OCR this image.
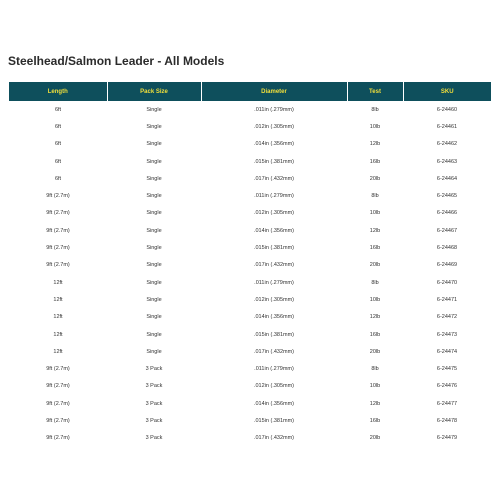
Steelhead/Salmon Leader - All Models
Length	Pack Size	Diameter	Test	SKU
6ft	Single	.011in (.279mm)	8lb	6-24460
6ft	Single	.012in (.305mm)	10lb	6-24461
6ft	Single	.014in (.356mm)	12lb	6-24462
6ft	Single	.015in (.381mm)	16lb	6-24463
6ft	Single	.017in (.432mm)	20lb	6-24464
9ft (2.7m)	Single	.011in (.279mm)	8lb	6-24465
9ft (2.7m)	Single	.012in (.305mm)	10lb	6-24466
9ft (2.7m)	Single	.014in (.356mm)	12lb	6-24467
9ft (2.7m)	Single	.015in (.381mm)	16lb	6-24468
9ft (2.7m)	Single	.017in (.432mm)	20lb	6-24469
12ft	Single	.011in (.279mm)	8lb	6-24470
12ft	Single	.012in (.305mm)	10lb	6-24471
12ft	Single	.014in (.356mm)	12lb	6-24472
12ft	Single	.015in (.381mm)	16lb	6-24473
12ft	Single	.017in (.432mm)	20lb	6-24474
9ft (2.7m)	3 Pack	.011in (.279mm)	8lb	6-24475
9ft (2.7m)	3 Pack	.012in (.305mm)	10lb	6-24476
9ft (2.7m)	3 Pack	.014in (.356mm)	12lb	6-24477
9ft (2.7m)	3 Pack	.015in (.381mm)	16lb	6-24478
9ft (2.7m)	3 Pack	.017in (.432mm)	20lb	6-24479
